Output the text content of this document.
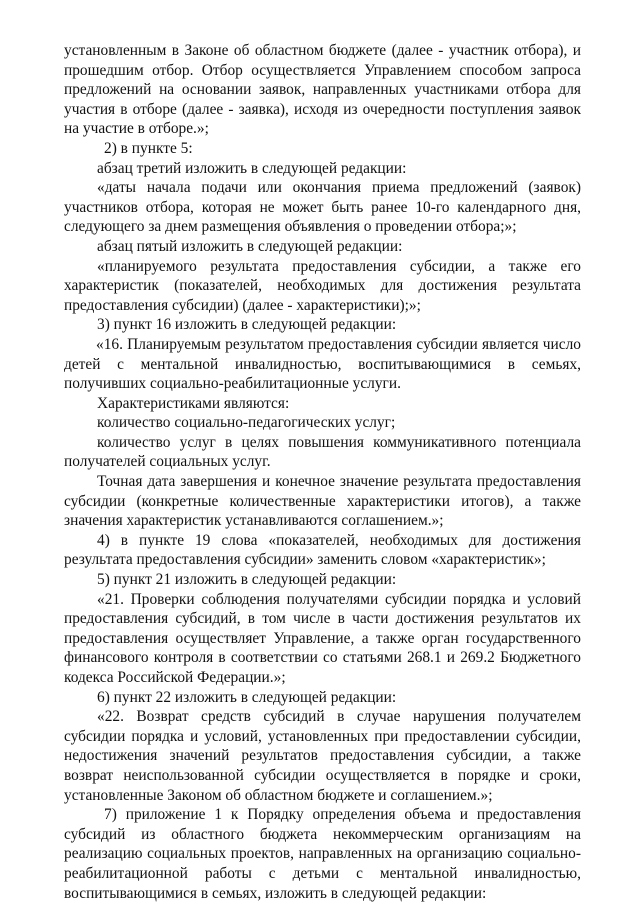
установленным в Законе об областном бюджете (далее - участник отбора), и прошедшим отбор. Отбор осуществляется Управлением способом запроса предложений на основании заявок, направленных участниками отбора для участия в отборе (далее - заявка), исходя из очередности поступления заявок на участие в отборе.»;

2) в пункте 5:

абзац третий изложить в следующей редакции:

«даты начала подачи или окончания приема предложений (заявок) участников отбора, которая не может быть ранее 10-го календарного дня, следующего за днем размещения объявления о проведении отбора;»;

абзац пятый изложить в следующей редакции:

«планируемого результата предоставления субсидии, а также его характеристик (показателей, необходимых для достижения результата предоставления субсидии) (далее - характеристики);»;

3) пункт 16 изложить в следующей редакции:

«16. Планируемым результатом предоставления субсидии является число детей с ментальной инвалидностью, воспитывающимися в семьях, получивших социально-реабилитационные услуги.

Характеристиками являются:

количество социально-педагогических услуг;

количество услуг в целях повышения коммуникативного потенциала получателей социальных услуг.

Точная дата завершения и конечное значение результата предоставления субсидии (конкретные количественные характеристики итогов), а также значения характеристик устанавливаются соглашением.»;

4) в пункте 19 слова «показателей, необходимых для достижения результата предоставления субсидии» заменить словом «характеристик»;

5) пункт 21 изложить в следующей редакции:

«21. Проверки соблюдения получателями субсидии порядка и условий предоставления субсидий, в том числе в части достижения результатов их предоставления осуществляет Управление, а также орган государственного финансового контроля в соответствии со статьями 268.1 и 269.2 Бюджетного кодекса Российской Федерации.»;

6) пункт 22 изложить в следующей редакции:

«22. Возврат средств субсидий в случае нарушения получателем субсидии порядка и условий, установленных при предоставлении субсидии, недостижения значений результатов предоставления субсидии, а также возврат неиспользованной субсидии осуществляется в порядке и сроки, установленные Законом об областном бюджете и соглашением.»;

7) приложение 1 к Порядку определения объема и предоставления субсидий из областного бюджета некоммерческим организациям на реализацию социальных проектов, направленных на организацию социально-реабилитационной работы с детьми с ментальной инвалидностью, воспитывающимися в семьях, изложить в следующей редакции:
